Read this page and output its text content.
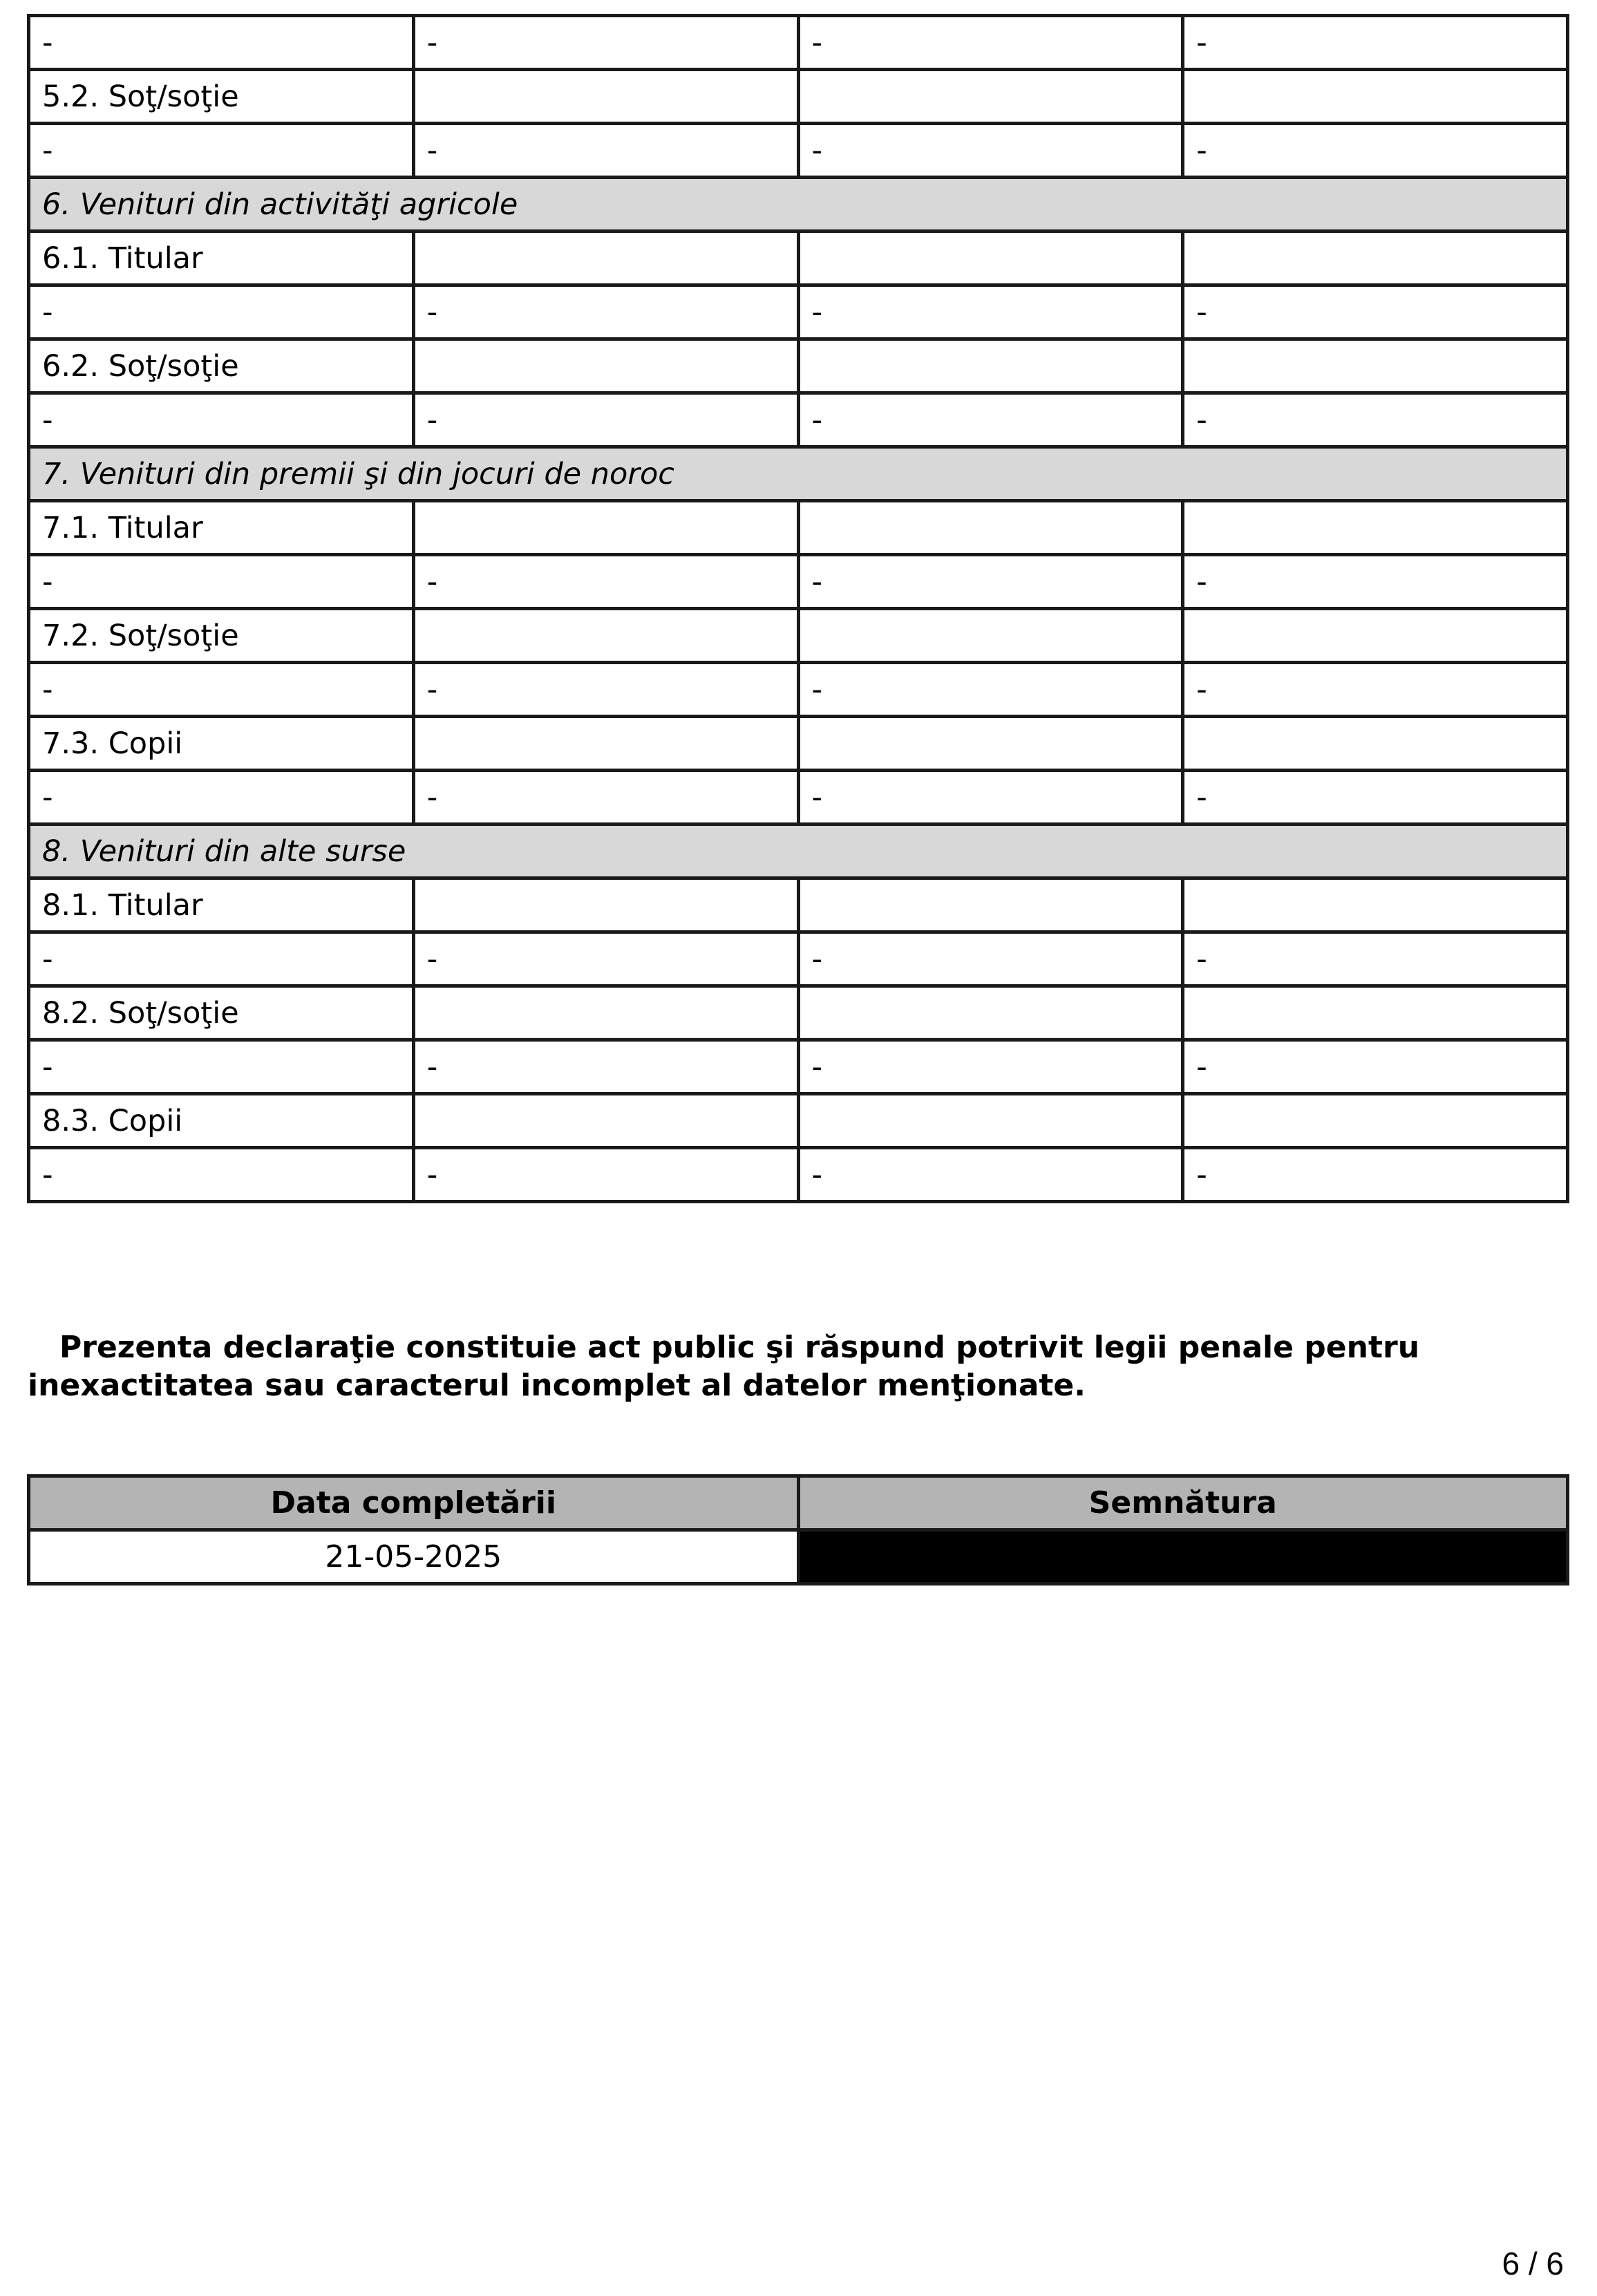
-	-	-	-
5.2. Soţ/soţie			
-	-	-	-
6. Venituri din activităţi agricole			
6.1. Titular			
-	-	-	-
6.2. Soţ/soţie			
-	-	-	-
7. Venituri din premii şi din jocuri de noroc			
7.1. Titular			
-	-	-	-
7.2. Soţ/soţie			
-	-	-	-
7.3. Copii			
-	-	-	-
8. Venituri din alte surse			
8.1. Titular			
-	-	-	-
8.2. Soţ/soţie			
-	-	-	-
8.3. Copii			
-	-	-	-

Prezenta declaraţie constituie act public şi răspund potrivit legii penale pentru inexactitatea sau caracterul incomplet al datelor menţionate.

Data completării	Semnătura
21-05-2025	
6 / 6
